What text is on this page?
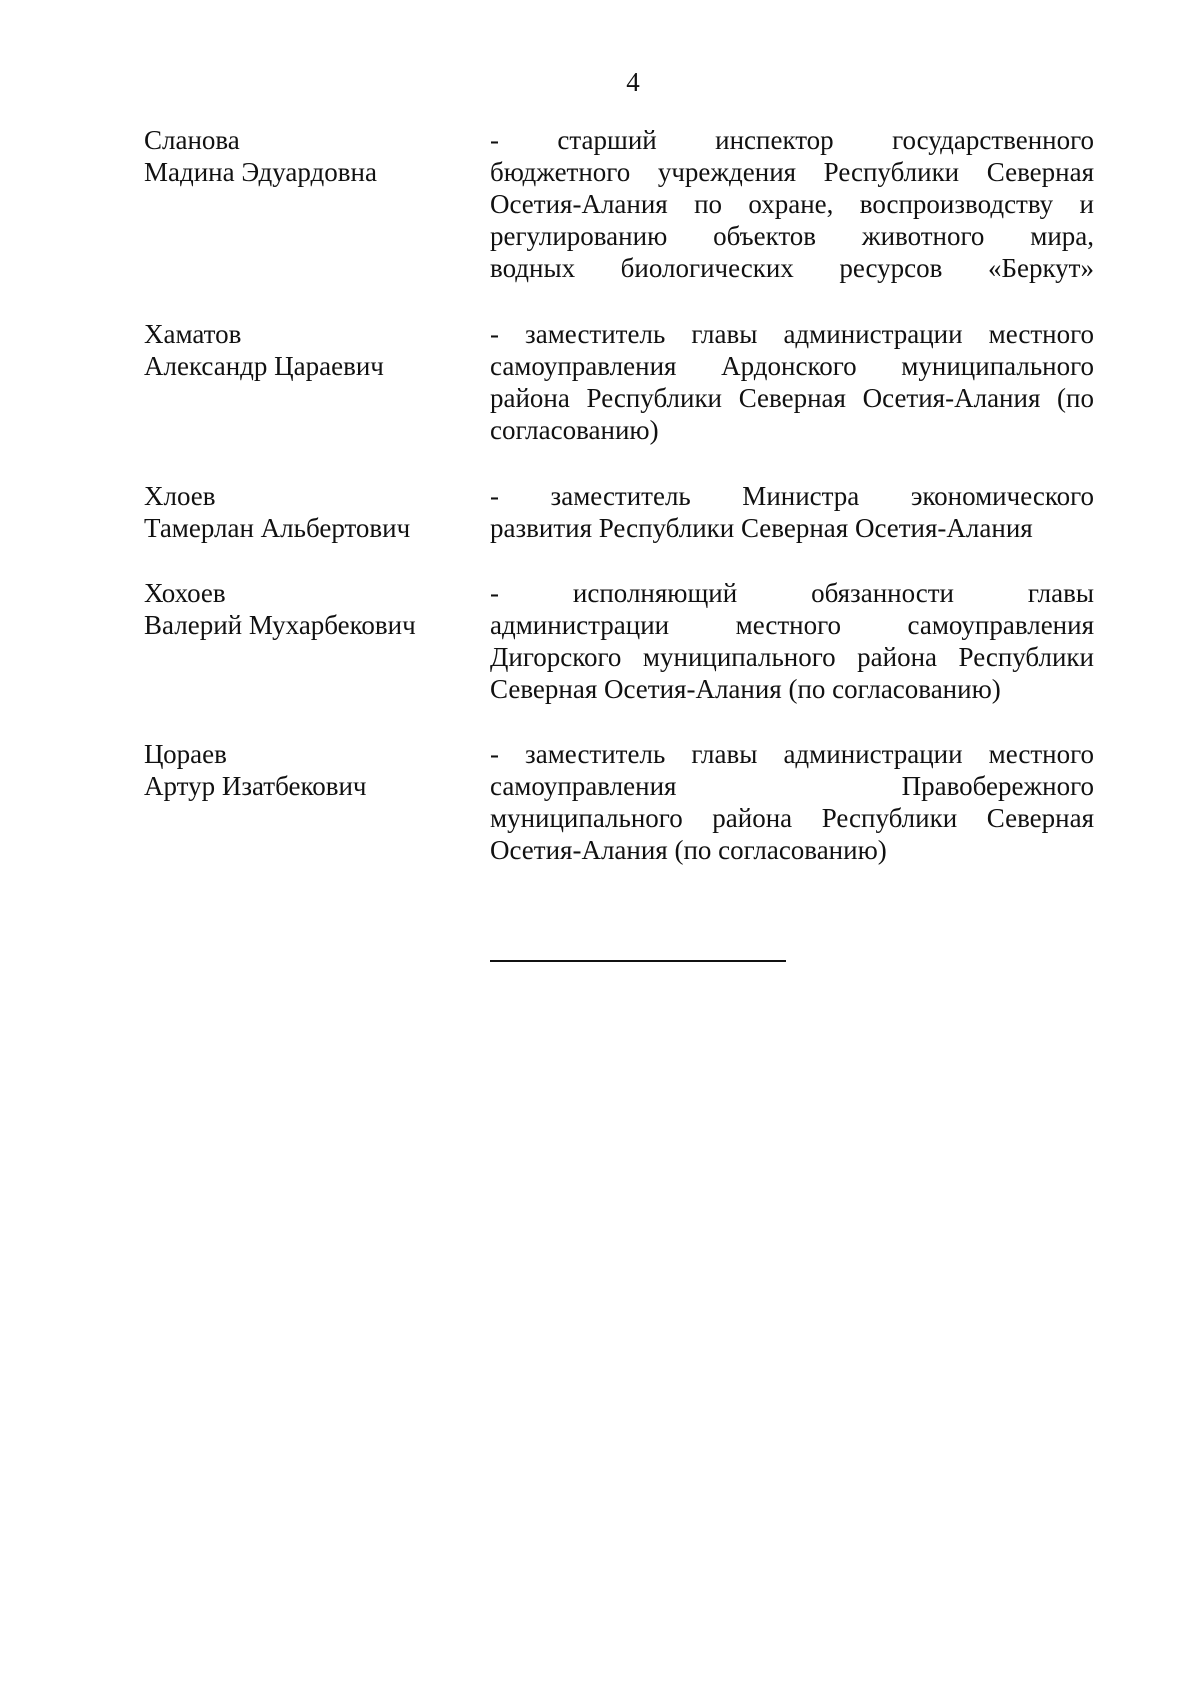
4
Сланова
Мадина Эдуардовна
- старший инспектор государственного
бюджетного учреждения Республики Северная
Осетия-Алания по охране, воспроизводству и
регулированию объектов животного мира,
водных биологических ресурсов «Беркут»
Хаматов
Александр Цараевич
- заместитель главы администрации местного
самоуправления Ардонского муниципального
района Республики Северная Осетия-Алания (по
согласованию)
Хлоев
Тамерлан Альбертович
- заместитель Министра экономического
развития Республики Северная Осетия-Алания
Хохоев
Валерий Мухарбекович
- исполняющий обязанности главы
администрации местного самоуправления
Дигорского муниципального района Республики
Северная Осетия-Алания (по согласованию)
Цораев
Артур Изатбекович
- заместитель главы администрации местного
самоуправления Правобережного
муниципального района Республики Северная
Осетия-Алания (по согласованию)
